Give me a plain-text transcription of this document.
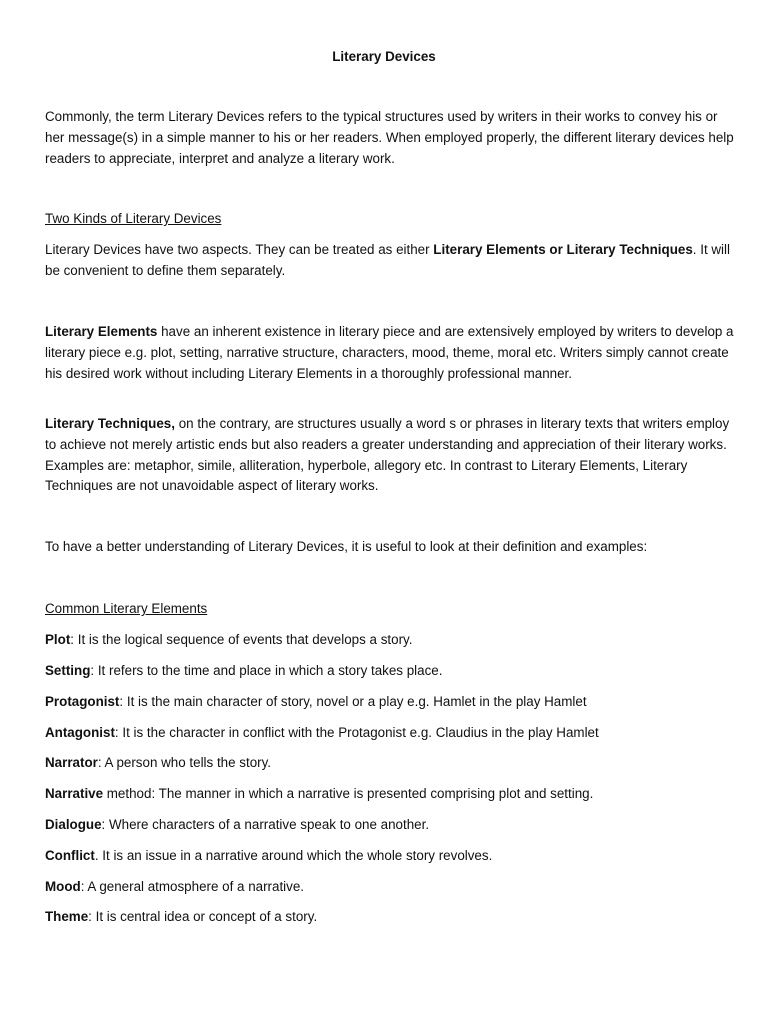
Literary Devices

Commonly, the term Literary Devices refers to the typical structures used by writers in their works to convey his or her message(s) in a simple manner to his or her readers. When employed properly, the different literary devices help readers to appreciate, interpret and analyze a literary work.

Two Kinds of Literary Devices

Literary Devices have two aspects. They can be treated as either Literary Elements or Literary Techniques. It will be convenient to define them separately.

Literary Elements have an inherent existence in literary piece and are extensively employed by writers to develop a literary piece e.g. plot, setting, narrative structure, characters, mood, theme, moral etc. Writers simply cannot create his desired work without including Literary Elements in a thoroughly professional manner.

Literary Techniques, on the contrary, are structures usually a word s or phrases in literary texts that writers employ to achieve not merely artistic ends but also readers a greater understanding and appreciation of their literary works. Examples are: metaphor, simile, alliteration, hyperbole, allegory etc. In contrast to Literary Elements, Literary Techniques are not unavoidable aspect of literary works.

To have a better understanding of Literary Devices, it is useful to look at their definition and examples:

Common Literary Elements

Plot: It is the logical sequence of events that develops a story.

Setting: It refers to the time and place in which a story takes place.

Protagonist: It is the main character of story, novel or a play e.g. Hamlet in the play Hamlet

Antagonist: It is the character in conflict with the Protagonist e.g. Claudius in the play Hamlet

Narrator: A person who tells the story.

Narrative method: The manner in which a narrative is presented comprising plot and setting.

Dialogue: Where characters of a narrative speak to one another.

Conflict. It is an issue in a narrative around which the whole story revolves.

Mood: A general atmosphere of a narrative.

Theme: It is central idea or concept of a story.
